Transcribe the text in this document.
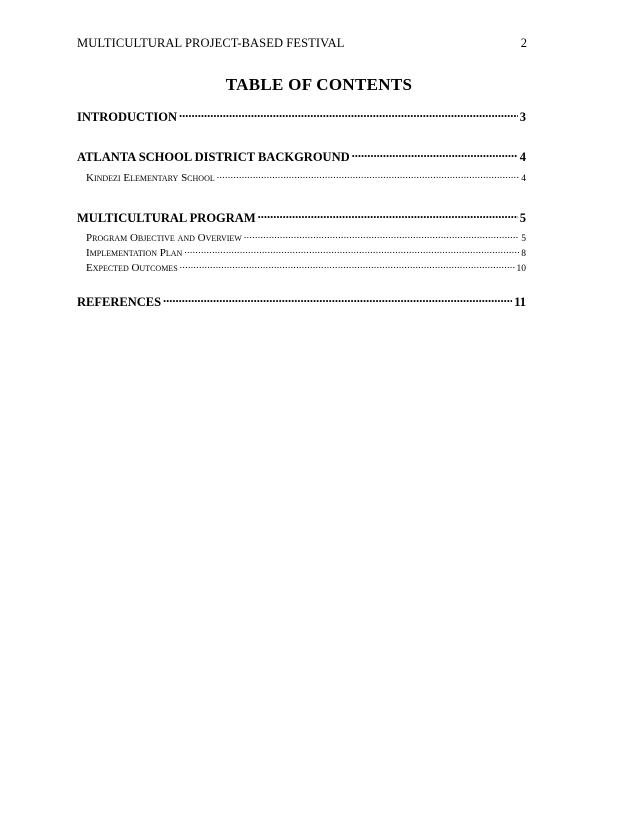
MULTICULTURAL PROJECT-BASED FESTIVAL	2
TABLE OF CONTENTS
INTRODUCTION .....	3
ATLANTA SCHOOL DISTRICT BACKGROUND .....	4
Kindezi Elementary School .....	4
MULTICULTURAL PROGRAM .....	5
Program Objective and Overview .....	5
Implementation Plan .....	8
Expected Outcomes .....	10
REFERENCES .....	11
